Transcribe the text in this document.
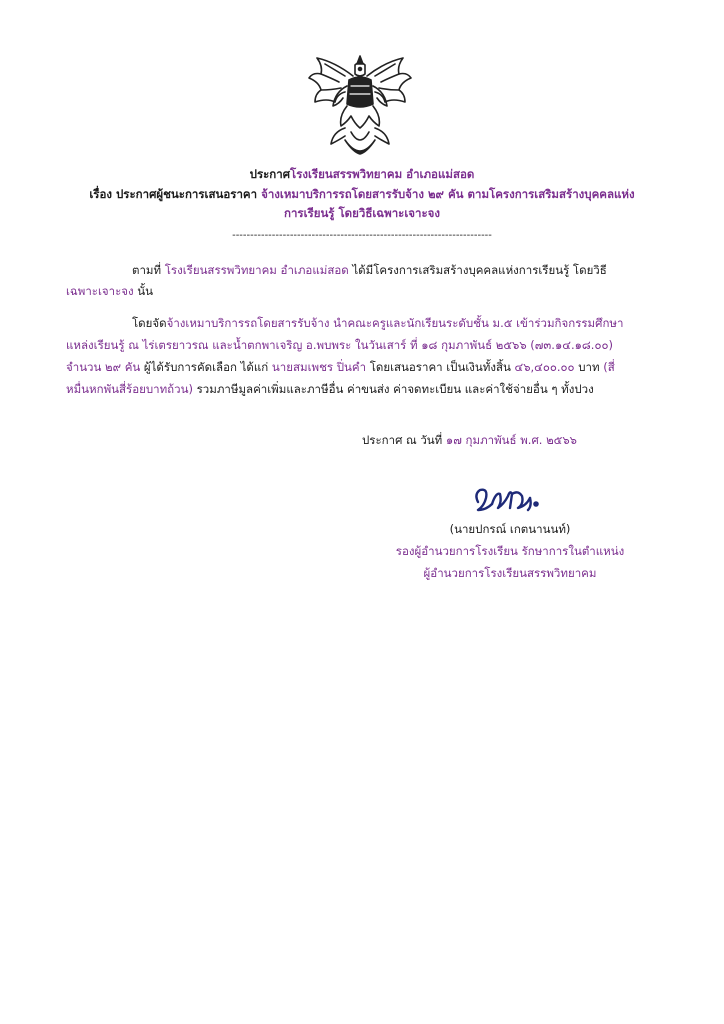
ประกาศโรงเรียนสรรพวิทยาคม อำเภอแม่สอด
เรื่อง ประกาศผู้ชนะการเสนอราคา จ้างเหมาบริการรถโดยสารรับจ้าง ๒๙ คัน ตามโครงการเสริมสร้างบุคคลแห่ง
การเรียนรู้ โดยวิธีเฉพาะเจาะจง
------------------------------------------------------------------------
ตามที่ โรงเรียนสรรพวิทยาคม อำเภอแม่สอด ได้มีโครงการเสริมสร้างบุคคลแห่งการเรียนรู้ โดยวิธี
เฉพาะเจาะจง นั้น
โดยจัดจ้างเหมาบริการรถโดยสารรับจ้าง นำคณะครูและนักเรียนระดับชั้น ม.๕ เข้าร่วมกิจกรรมศึกษา
แหล่งเรียนรู้ ณ ไร่เตรยาวรณ และน้ำตกพาเจริญ อ.พบพระ ในวันเสาร์ ที่ ๑๘ กุมภาพันธ์ ๒๕๖๖ (๗๓.๑๔.๑๘.๐๐)
จำนวน ๒๙ คัน ผู้ได้รับการคัดเลือก ได้แก่ นายสมเพชร ปิ่นคำ โดยเสนอราคา เป็นเงินทั้งสิ้น ๔๖,๔๐๐.๐๐ บาท (สี่
หมื่นหกพันสี่ร้อยบาทถ้วน) รวมภาษีมูลค่าเพิ่มและภาษีอื่น ค่าขนส่ง ค่าจดทะเบียน และค่าใช้จ่ายอื่น ๆ ทั้งปวง
ประกาศ ณ วันที่ ๑๗ กุมภาพันธ์ พ.ศ. ๒๕๖๖
(นายปกรณ์ เกตนานนท์)
รองผู้อำนวยการโรงเรียน รักษาการในตำแหน่ง
ผู้อำนวยการโรงเรียนสรรพวิทยาคม
